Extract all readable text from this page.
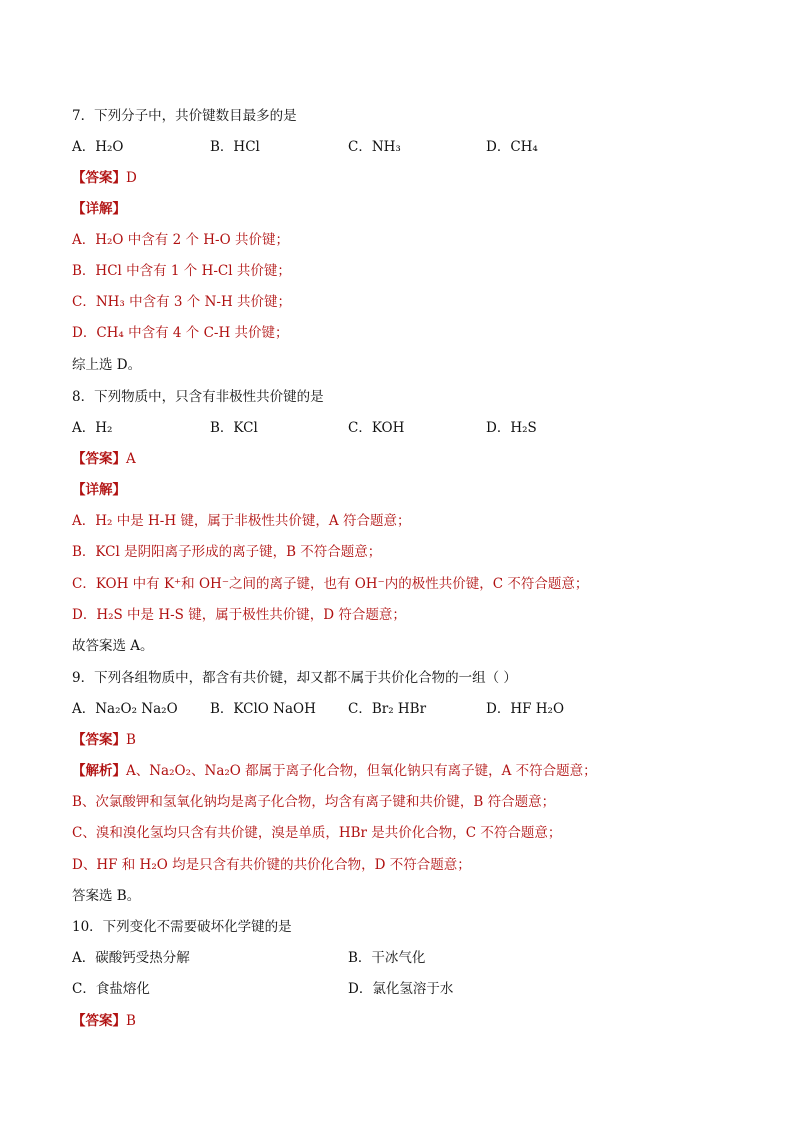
7．下列分子中，共价键数目最多的是
A．H₂O	B．HCl	C．NH₃	D．CH₄
【答案】D
【详解】
A．H₂O 中含有 2 个 H-O 共价键；
B．HCl 中含有 1 个 H-Cl 共价键；
C．NH₃ 中含有 3 个 N-H 共价键；
D．CH₄ 中含有 4 个 C-H 共价键；
综上选 D。
8．下列物质中，只含有非极性共价键的是
A．H₂	B．KCl	C．KOH	D．H₂S
【答案】A
【详解】
A．H₂ 中是 H-H 键，属于非极性共价键，A 符合题意；
B．KCl 是阴阳离子形成的离子键，B 不符合题意；
C．KOH 中有 K⁺和 OH⁻之间的离子键，也有 OH⁻内的极性共价键，C 不符合题意；
D．H₂S 中是 H-S 键，属于极性共价键，D 符合题意；
故答案选 A。
9．下列各组物质中，都含有共价键，却又都不属于共价化合物的一组（ ）
A．Na₂O₂ Na₂O B．KClO NaOH C．Br₂ HBr	D．HF H₂O
【答案】B
【解析】A、Na₂O₂、Na₂O 都属于离子化合物，但氧化钠只有离子键，A 不符合题意；
B、次氯酸钾和氢氧化钠均是离子化合物，均含有离子键和共价键，B 符合题意；
C、溴和溴化氢均只含有共价键，溴是单质，HBr 是共价化合物，C 不符合题意；
D、HF 和 H₂O 均是只含有共价键的共价化合物，D 不符合题意；
答案选 B。
10．下列变化不需要破坏化学键的是
A．碳酸钙受热分解	B．干冰气化
C．食盐熔化	D．氯化氢溶于水
【答案】B
